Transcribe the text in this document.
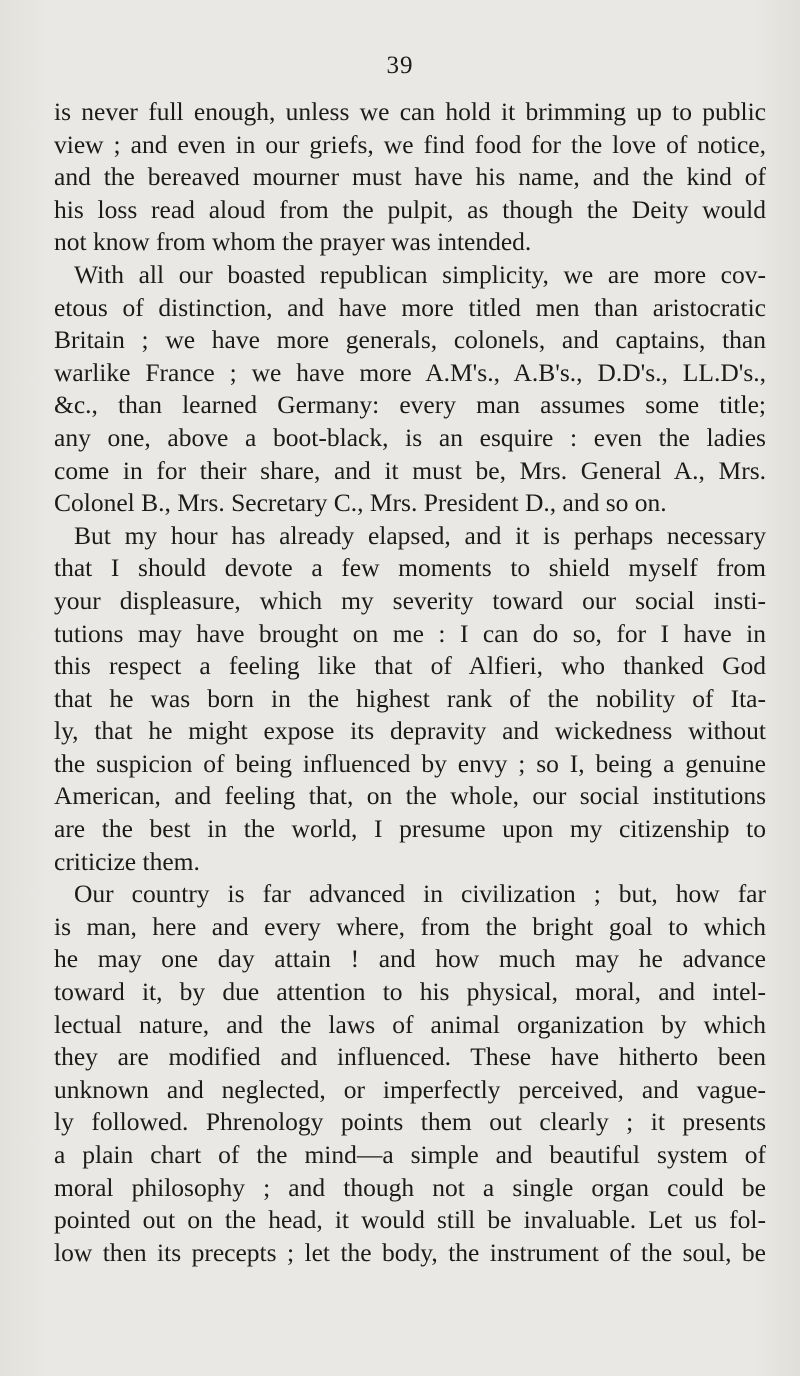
39
is never full enough, unless we can hold it brimming up to public
view ; and even in our griefs, we find food for the love of notice,
and the bereaved mourner must have his name, and the kind of
his loss read aloud from the pulpit, as though the Deity would
not know from whom the prayer was intended.
With all our boasted republican simplicity, we are more cov-
etous of distinction, and have more titled men than aristocratic
Britain ; we have more generals, colonels, and captains, than
warlike France ; we have more A.M's., A.B's., D.D's., LL.D's.,
&c., than learned Germany: every man assumes some title;
any one, above a boot-black, is an esquire : even the ladies
come in for their share, and it must be, Mrs. General A., Mrs.
Colonel B., Mrs. Secretary C., Mrs. President D., and so on.
But my hour has already elapsed, and it is perhaps necessary
that I should devote a few moments to shield myself from
your displeasure, which my severity toward our social insti-
tutions may have brought on me : I can do so, for I have in
this respect a feeling like that of Alfieri, who thanked God
that he was born in the highest rank of the nobility of Ita-
ly, that he might expose its depravity and wickedness without
the suspicion of being influenced by envy ; so I, being a genuine
American, and feeling that, on the whole, our social institutions
are the best in the world, I presume upon my citizenship to
criticize them.
Our country is far advanced in civilization ; but, how far
is man, here and every where, from the bright goal to which
he may one day attain ! and how much may he advance
toward it, by due attention to his physical, moral, and intel-
lectual nature, and the laws of animal organization by which
they are modified and influenced. These have hitherto been
unknown and neglected, or imperfectly perceived, and vague-
ly followed. Phrenology points them out clearly ; it presents
a plain chart of the mind—a simple and beautiful system of
moral philosophy ; and though not a single organ could be
pointed out on the head, it would still be invaluable. Let us fol-
low then its precepts ; let the body, the instrument of the soul, be
